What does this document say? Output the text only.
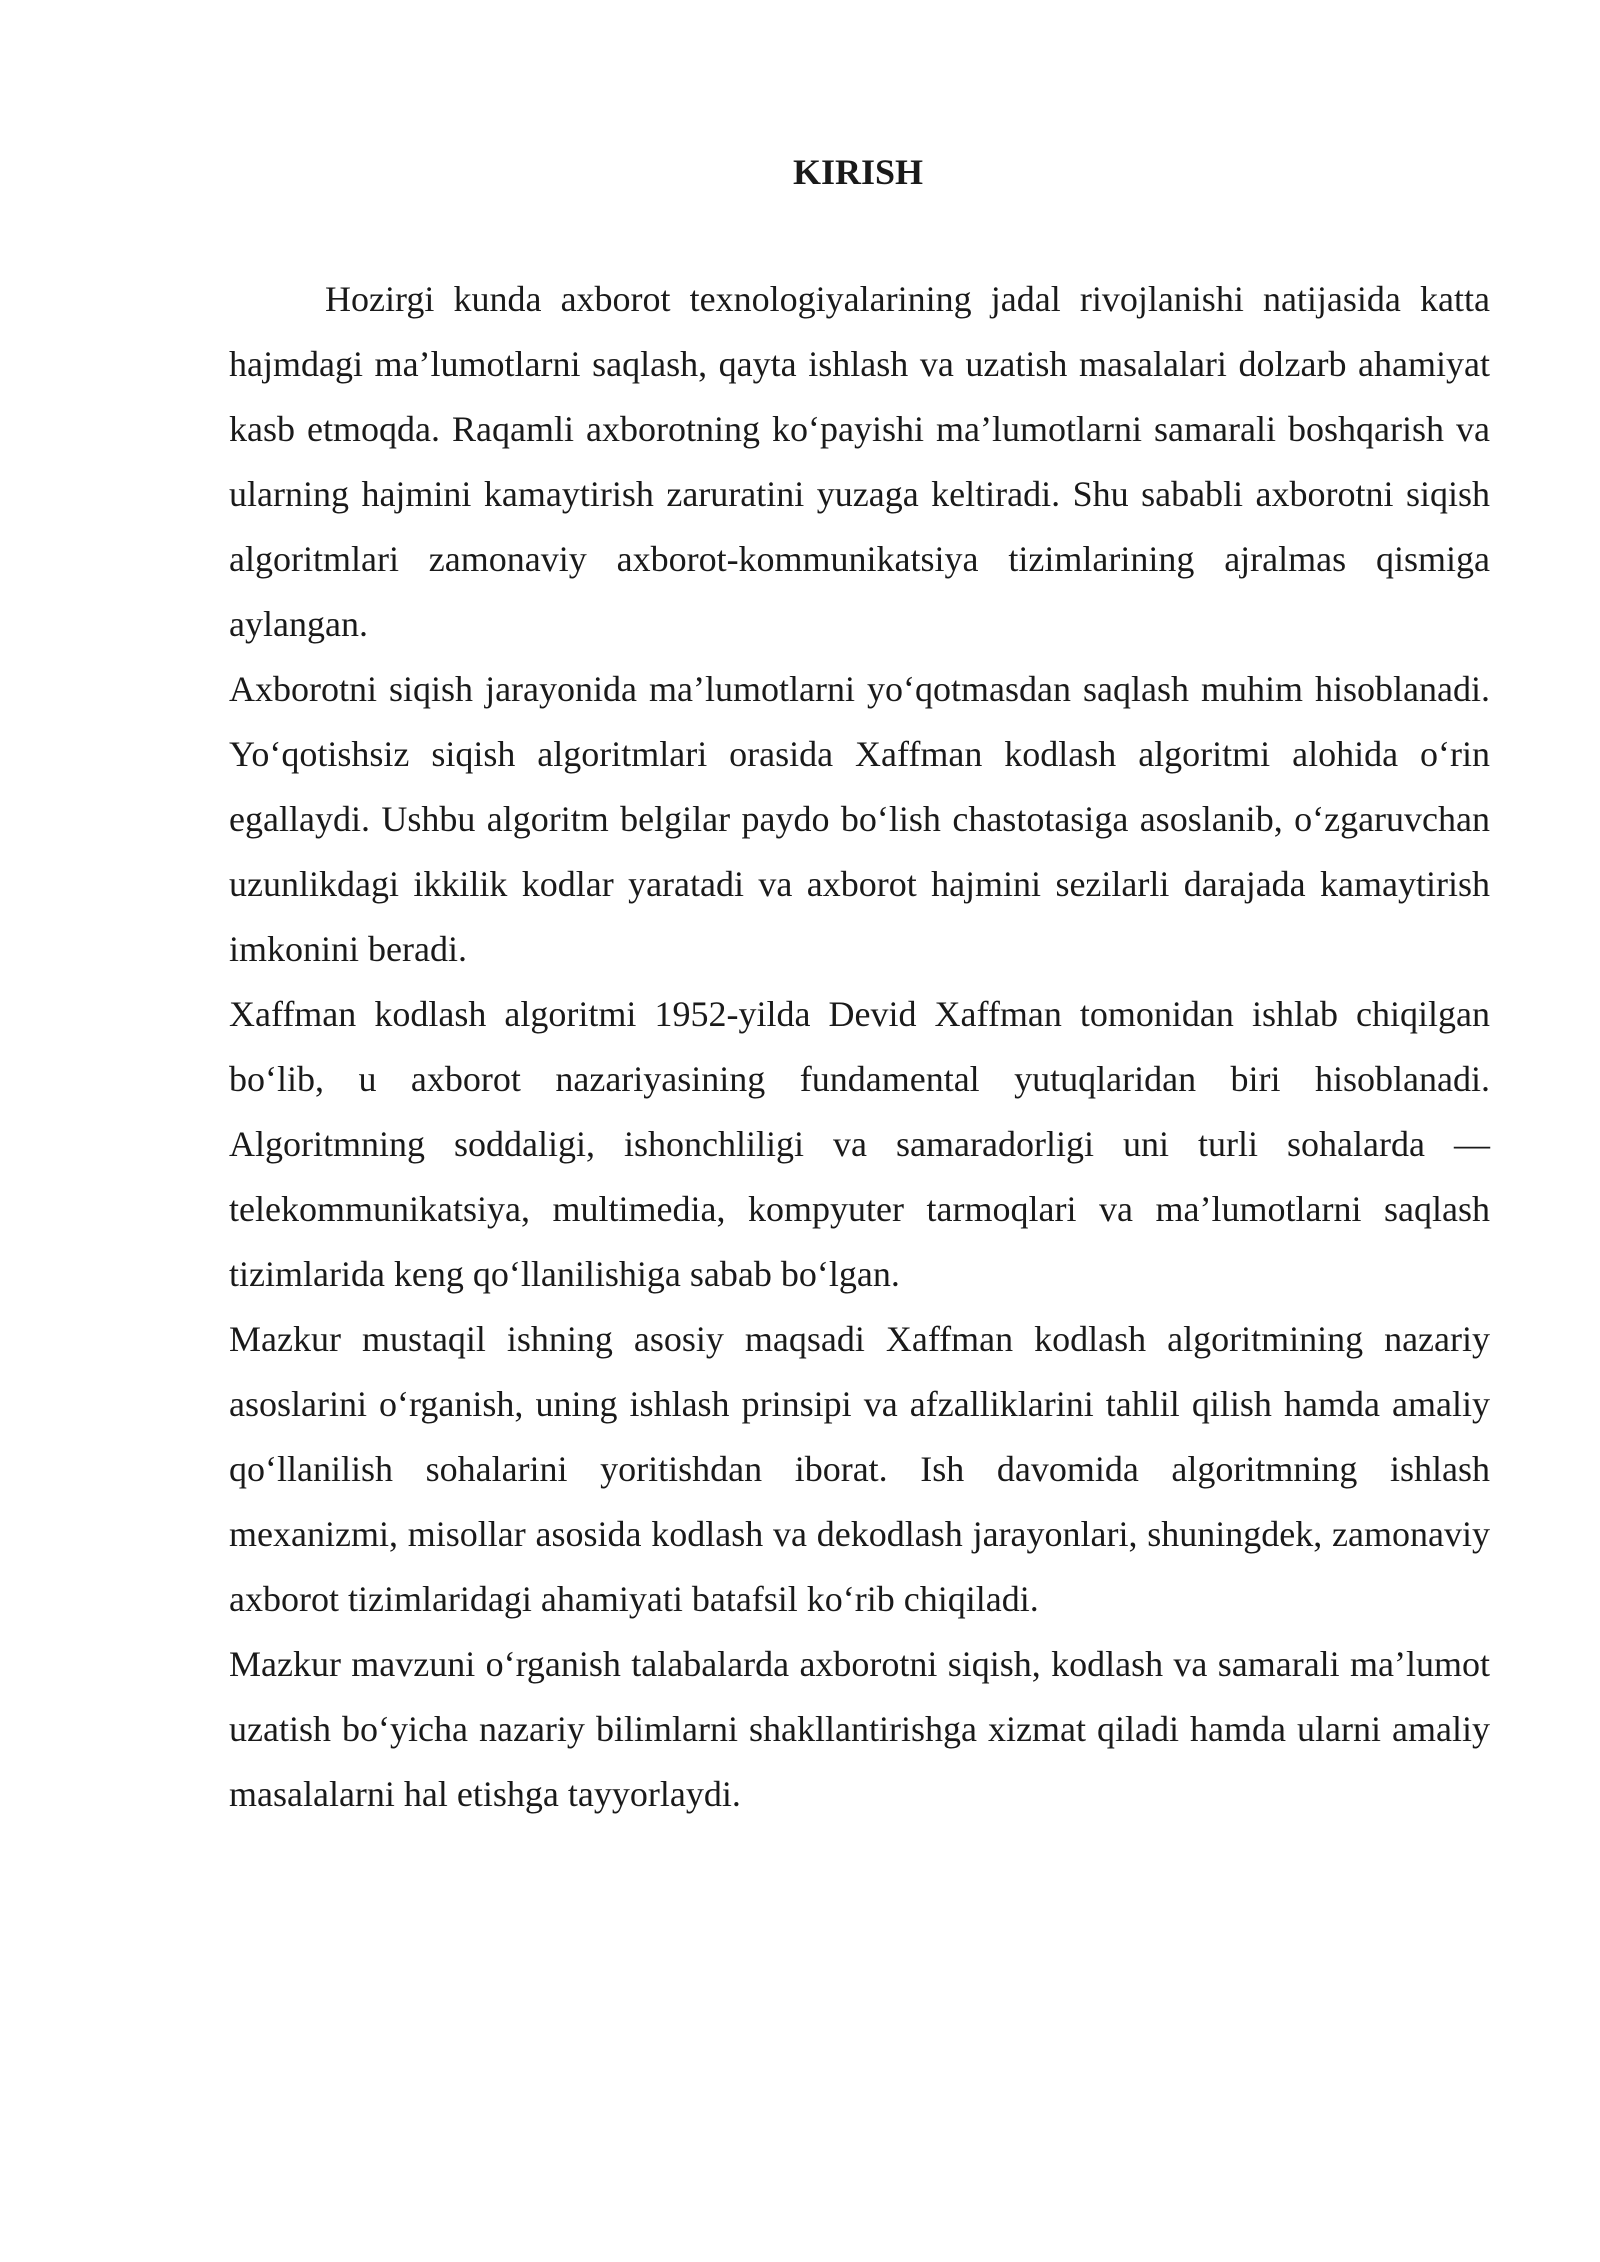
KIRISH

Hozirgi kunda axborot texnologiyalarining jadal rivojlanishi natijasida katta hajmdagi ma’lumotlarni saqlash, qayta ishlash va uzatish masalalari dolzarb ahamiyat kasb etmoqda. Raqamli axborotning ko‘payishi ma’lumotlarni samarali boshqarish va ularning hajmini kamaytirish zaruratini yuzaga keltiradi. Shu sababli axborotni siqish algoritmlari zamonaviy axborot-kommunikatsiya tizimlarining ajralmas qismiga aylangan.

Axborotni siqish jarayonida ma’lumotlarni yo‘qotmasdan saqlash muhim hisoblanadi. Yo‘qotishsiz siqish algoritmlari orasida Xaffman kodlash algoritmi alohida o‘rin egallaydi. Ushbu algoritm belgilar paydo bo‘lish chastotasiga asoslanib, o‘zgaruvchan uzunlikdagi ikkilik kodlar yaratadi va axborot hajmini sezilarli darajada kamaytirish imkonini beradi.

Xaffman kodlash algoritmi 1952-yilda Devid Xaffman tomonidan ishlab chiqilgan bo‘lib, u axborot nazariyasining fundamental yutuqlaridan biri hisoblanadi. Algoritmning soddaligi, ishonchliligi va samaradorligi uni turli sohalarda — telekommunikatsiya, multimedia, kompyuter tarmoqlari va ma’lumotlarni saqlash tizimlarida keng qo‘llanilishiga sabab bo‘lgan.

Mazkur mustaqil ishning asosiy maqsadi Xaffman kodlash algoritmining nazariy asoslarini o‘rganish, uning ishlash prinsipi va afzalliklarini tahlil qilish hamda amaliy qo‘llanilish sohalarini yoritishdan iborat. Ish davomida algoritmning ishlash mexanizmi, misollar asosida kodlash va dekodlash jarayonlari, shuningdek, zamonaviy axborot tizimlaridagi ahamiyati batafsil ko‘rib chiqiladi.

Mazkur mavzuni o‘rganish talabalarda axborotni siqish, kodlash va samarali ma’lumot uzatish bo‘yicha nazariy bilimlarni shakllantirishga xizmat qiladi hamda ularni amaliy masalalarni hal etishga tayyorlaydi.
